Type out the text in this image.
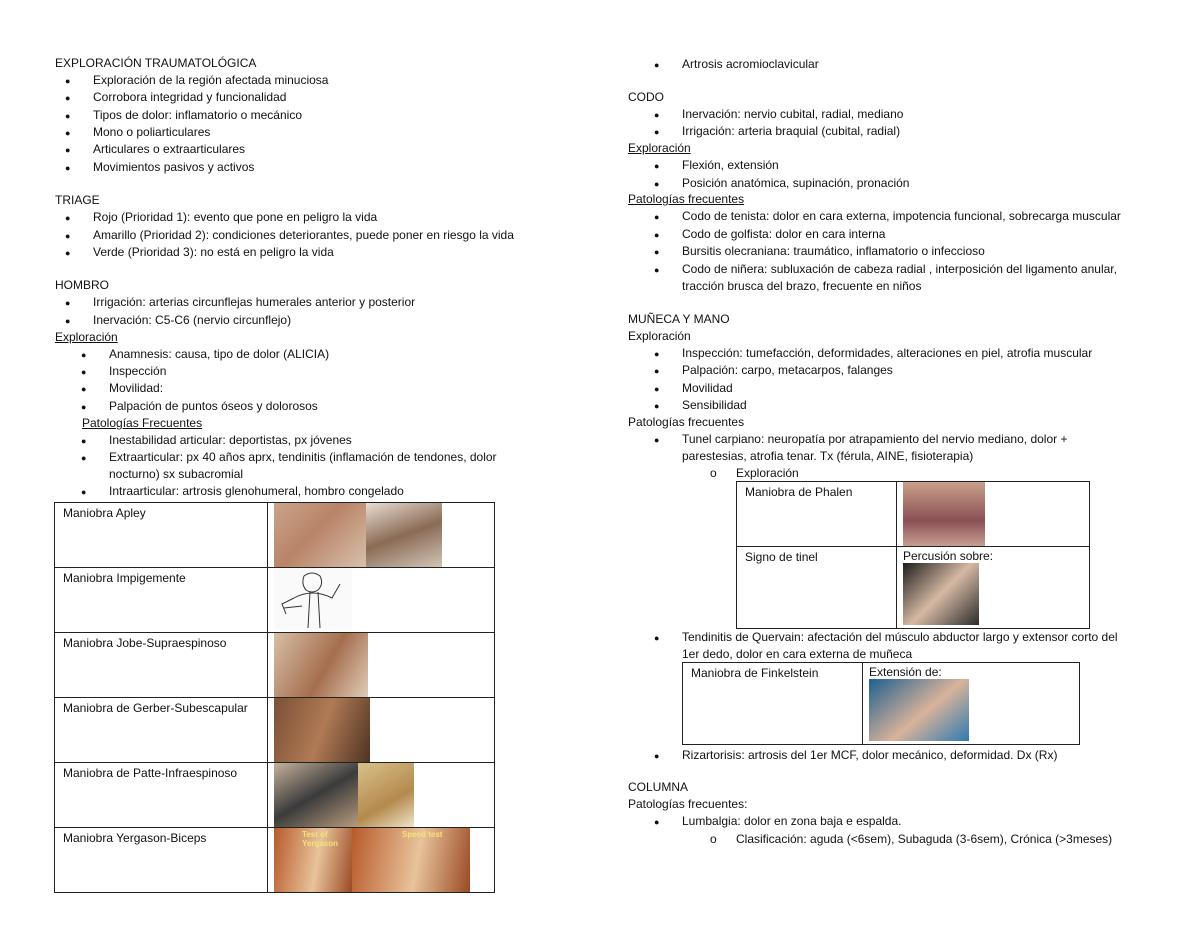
EXPLORACIÓN TRAUMATOLÓGICA
● Exploración de la región afectada minuciosa
● Corrobora integridad y funcionalidad
● Tipos de dolor: inflamatorio o mecánico
● Mono o poliarticulares
● Articulares o extraarticulares
● Movimientos pasivos y activos
TRIAGE
● Rojo (Prioridad 1): evento que pone en peligro la vida
● Amarillo (Prioridad 2): condiciones deteriorantes, puede poner en riesgo la vida
● Verde (Prioridad 3): no está en peligro la vida
HOMBRO
● Irrigación: arterias circunflejas humerales anterior y posterior
● Inervación: C5-C6 (nervio circunflejo)
Exploración
● Anamnesis: causa, tipo de dolor (ALICIA)
● Inspección
● Movilidad:
● Palpación de puntos óseos y dolorosos
Patologías Frecuentes
● Inestabilidad articular: deportistas, px jóvenes
● Extraarticular: px 40 años aprx, tendinitis (inflamación de tendones, dolor
nocturno) sx subacromial
● Intraarticular: artrosis glenohumeral, hombro congelado
Maniobra Apley	
Maniobra Impigemente	
Maniobra Jobe-Supraespinoso	
Maniobra de Gerber-Subescapular	
Maniobra de Patte-Infraespinoso	
Maniobra Yergason-Biceps	Test of Yergason
Speed test
● Artrosis acromioclavicular
CODO
● Inervación: nervio cubital, radial, mediano
● Irrigación: arteria braquial (cubital, radial)
Exploración
● Flexión, extensión
● Posición anatómica, supinación, pronación
Patologías frecuentes
● Codo de tenista: dolor en cara externa, impotencia funcional, sobrecarga muscular
● Codo de golfista: dolor en cara interna
● Bursitis olecraniana: traumático, inflamatorio o infeccioso
● Codo de niñera: subluxación de cabeza radial , interposición del ligamento anular,
tracción brusca del brazo, frecuente en niños
MUÑECA Y MANO
Exploración
● Inspección: tumefacción, deformidades, alteraciones en piel, atrofia muscular
● Palpación: carpo, metacarpos, falanges
● Movilidad
● Sensibilidad
Patologías frecuentes
● Tunel carpiano: neuropatía por atrapamiento del nervio mediano, dolor +
parestesias, atrofia tenar. Tx (férula, AINE, fisioterapia)
o Exploración
Maniobra de Phalen	
Signo de tinel	Percusión sobre:
● Tendinitis de Quervain: afectación del músculo abductor largo y extensor corto del
1er dedo, dolor en cara externa de muñeca
Maniobra de Finkelstein	Extensión de:
● Rizartorisis: artrosis del 1er MCF, dolor mecánico, deformidad. Dx (Rx)
COLUMNA
Patologías frecuentes:
● Lumbalgia: dolor en zona baja e espalda.
o Clasificación: aguda (<6sem), Subaguda (3-6sem), Crónica (>3meses)
